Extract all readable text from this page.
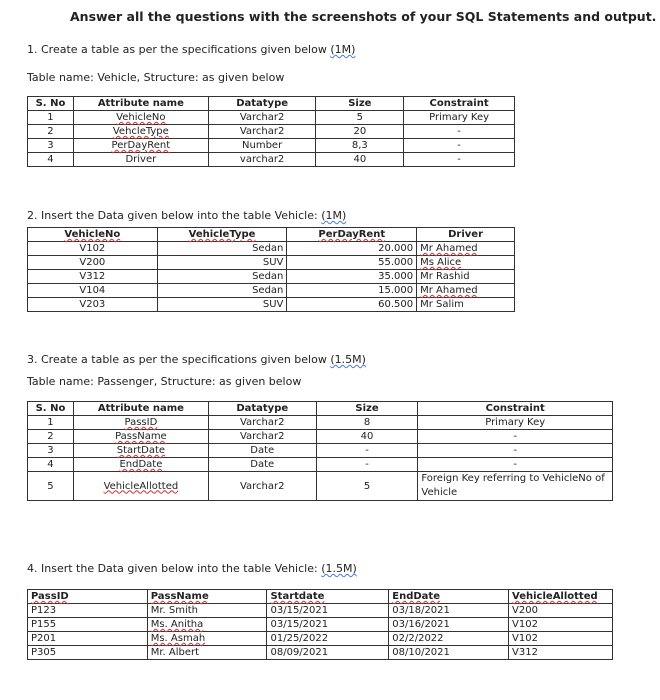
Answer all the questions with the screenshots of your SQL Statements and output.
1. Create a table as per the specifications given below (1M)
Table name: Vehicle, Structure: as given below
S. No	Attribute name	Datatype	Size	Constraint
1	VehicleNo	Varchar2	5	Primary Key
2	VehcleType	Varchar2	20	-
3	PerDayRent	Number	8,3	-
4	Driver	varchar2	40	-
2. Insert the Data given below into the table Vehicle: (1M)
VehicleNo	VehicleType	PerDayRent	Driver
V102	Sedan	20.000	Mr Ahamed
V200	SUV	55.000	Ms Alice
V312	Sedan	35.000	Mr Rashid
V104	Sedan	15.000	Mr Ahamed
V203	SUV	60.500	Mr Salim
3. Create a table as per the specifications given below (1.5M)
Table name: Passenger, Structure: as given below
S. No	Attribute name	Datatype	Size	Constraint
1	PassID	Varchar2	8	Primary Key
2	PassName	Varchar2	40	-
3	StartDate	Date	-	-
4	EndDate	Date	-	-
5	VehicleAllotted	Varchar2	5	Foreign Key referring to VehicleNo of Vehicle
4. Insert the Data given below into the table Vehicle: (1.5M)
PassID	PassName	Startdate	EndDate	VehicleAllotted
P123	Mr. Smith	03/15/2021	03/18/2021	V200
P155	Ms. Anitha	03/15/2021	03/16/2021	V102
P201	Ms. Asmah	01/25/2022	02/2/2022	V102
P305	Mr. Albert	08/09/2021	08/10/2021	V312
